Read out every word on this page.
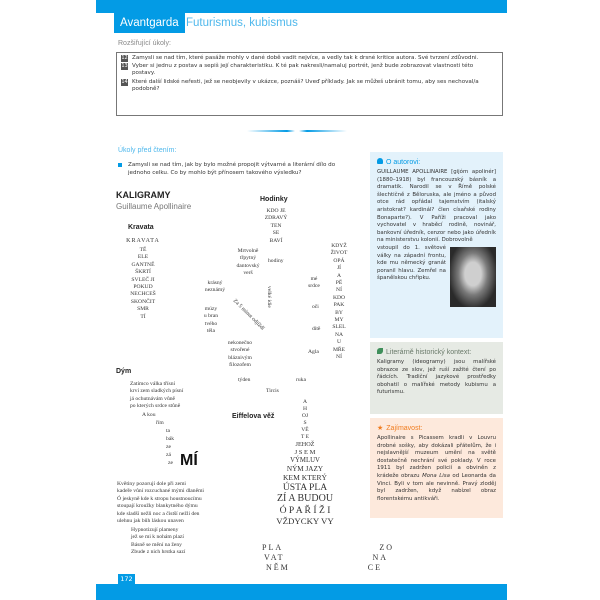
Avantgarda Futurismus, kubismus
Rozšiřující úkoly:
12 Zamysli se nad tím, které pasáže mohly v dané době vadit nejvíce, a vedly tak k drsné kritice autora. Své tvrzení zdůvodni.
13 Vyber si jednu z postav a sepiš její charakteristiku. K té pak nakresli/namaluj portrét, jenž bude zobrazovat vlastnosti této postavy.
14 Které další lidské neřesti, jež se neobjevily v ukázce, poznáš? Uveď příklady. Jak se můžeš ubránit tomu, aby ses nechoval/a podobně?
Úkoly před čtením:
Zamysli se nad tím, jak by bylo možné propojit výtvarné a literární dílo do jednoho celku. Co by mohlo být přínosem takového výsledku?
KALIGRAMY
Guillaume Apollinaire
Kravata
KRAVATA
TĚ
ELE
GANTNĚ
ŠKRTÍ
SVLEČ JI
POKUD
NECHCEŠ
SKONČIT
SMR
TÍ
Hodinky
KDO JE
ZDRAVÝ
TEN
SE
BAVÍ
KDYŽ
ŽIVOT
OPÁ
JÍ
A
PĚ
NÍ
KDO
PAK
BY
MY
SLEL
NA
U
MŘE
NÍ
Mrtvolně
třpytný
dantovský
verš
krásný
neznámý
múzy
u bran
tvého
těla
nekonečno
stvořené
bláznivým
filozofem
hodiny
velké idie
Za 5 minut odjíždí
mé
srdce
oči
dítě
Agla
týden	ruka
Tircis
Dým
Zatímco válka třísní
krví zem sladkých písní
já ochutnávám vůně
po kterých srdce stůně
A kou
řím
ta
bák
ze
zá
ze MÍ
Květiny pozorují dole při zemi
kadeře vůní rozcuchané mými dlaněmi
Ó jeskyně kde k stropu houstnoucímu
stoupají kroužky blankytného dýmu
kde sladší nežli noc a čistší nežli den
ulehnu jak bůh láskou unaven
Hypnotizují plameny
jež se mi k nohám plazí
Básně se mění na ženy
Zbude z nich hrstka sazí
Eiffelova věž
A
H
OJ
S
VĚ
T E
JEHOŽ
J S E M
VÝMLUV
NÝM JAZY
KEM KTERÝ
ÚSTA PLA
ZÍ A BUDOU
Ó P A Ř Í Ž I
VŽDYCKY VY
PLA	ZO
VAT	NA
NĚM	CE
O autorovi:
GUILLAUME APOLLINAIRE [gijóm apolinér] (1880–1918) byl francouzský básník a dramatik. Narodil se v Římě polské šlechtičně z Běloruska, ale jméno a původ otce rád opřádal tajemstvím (italský aristokrat? kardinál? člen císařské rodiny Bonaparte?). V Paříži pracoval jako vychovatel v hraběcí rodině, novinář, bankovní úředník, cenzor nebo jako úředník na ministerstvu kolonií. Dobrovolně
vstoupil do 1. světové války na západní frontu, kde mu německý granát poranil hlavu. Zemřel na španělskou chřipku.
Literárně historický kontext:
Kaligramy (ideogramy) jsou malířské obrazce ze slov, jež ruší zažité čtení po řádcích. Tradiční jazykové prostředky obohatil o malířské metody kubismu a futurismu.
★ Zajímavost:
Apollinaire s Picassem kradli v Louvru drobné sošky, aby dokázali přátelům, že i nejslavnější muzeum umění na světě dostatečně nechrání své poklady. V roce 1911 byl zadržen policií a obviněn z krádeže obrazu Mona Lisa od Leonarda da Vinci. Byli v tom ale nevinně. Pravý zloděj byl zadržen, když nabízel obraz florentskému antikváři.
172
